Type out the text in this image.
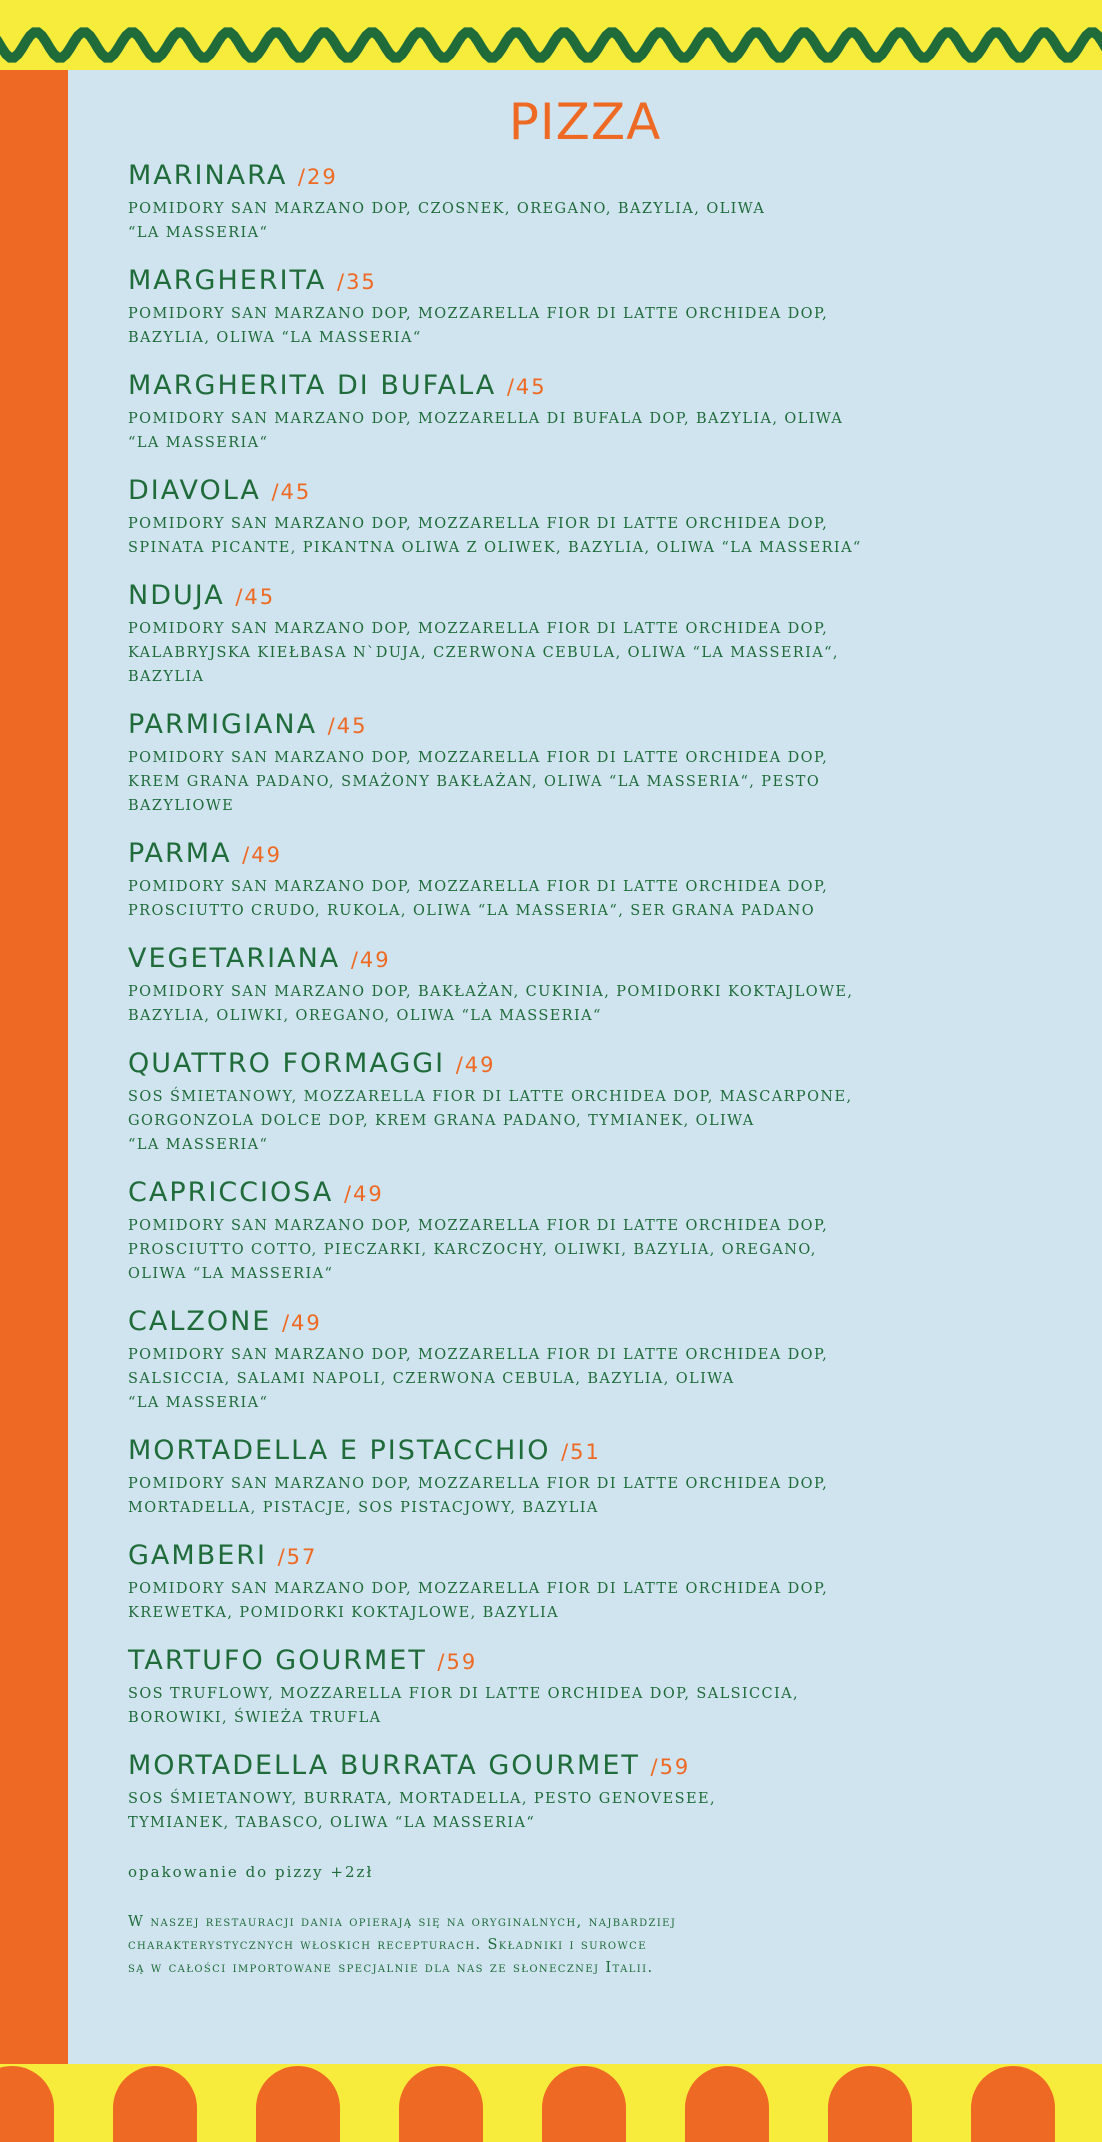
PIZZA
MARINARA /29
POMIDORY SAN MARZANO DOP, CZOSNEK, OREGANO, BAZYLIA, OLIWA
“LA MASSERIA“
MARGHERITA /35
POMIDORY SAN MARZANO DOP, MOZZARELLA FIOR DI LATTE ORCHIDEA DOP,
BAZYLIA, OLIWA “LA MASSERIA“
MARGHERITA DI BUFALA /45
POMIDORY SAN MARZANO DOP, MOZZARELLA DI BUFALA DOP, BAZYLIA, OLIWA
“LA MASSERIA“
DIAVOLA /45
POMIDORY SAN MARZANO DOP, MOZZARELLA FIOR DI LATTE ORCHIDEA DOP,
SPINATA PICANTE, PIKANTNA OLIWA Z OLIWEK, BAZYLIA, OLIWA “LA MASSERIA“
NDUJA /45
POMIDORY SAN MARZANO DOP, MOZZARELLA FIOR DI LATTE ORCHIDEA DOP,
KALABRYJSKA KIEŁBASA N`DUJA, CZERWONA CEBULA, OLIWA “LA MASSERIA“,
BAZYLIA
PARMIGIANA /45
POMIDORY SAN MARZANO DOP, MOZZARELLA FIOR DI LATTE ORCHIDEA DOP,
KREM GRANA PADANO, SMAŻONY BAKŁAŻAN, OLIWA “LA MASSERIA“, PESTO
BAZYLIOWE
PARMA /49
POMIDORY SAN MARZANO DOP, MOZZARELLA FIOR DI LATTE ORCHIDEA DOP,
PROSCIUTTO CRUDO, RUKOLA, OLIWA “LA MASSERIA“, SER GRANA PADANO
VEGETARIANA /49
POMIDORY SAN MARZANO DOP, BAKŁAŻAN, CUKINIA, POMIDORKI KOKTAJLOWE,
BAZYLIA, OLIWKI, OREGANO, OLIWA “LA MASSERIA“
QUATTRO FORMAGGI /49
SOS ŚMIETANOWY, MOZZARELLA FIOR DI LATTE ORCHIDEA DOP, MASCARPONE,
GORGONZOLA DOLCE DOP, KREM GRANA PADANO, TYMIANEK, OLIWA
“LA MASSERIA“
CAPRICCIOSA /49
POMIDORY SAN MARZANO DOP, MOZZARELLA FIOR DI LATTE ORCHIDEA DOP,
PROSCIUTTO COTTO, PIECZARKI, KARCZOCHY, OLIWKI, BAZYLIA, OREGANO,
OLIWA “LA MASSERIA“
CALZONE /49
POMIDORY SAN MARZANO DOP, MOZZARELLA FIOR DI LATTE ORCHIDEA DOP,
SALSICCIA, SALAMI NAPOLI, CZERWONA CEBULA, BAZYLIA, OLIWA
“LA MASSERIA“
MORTADELLA E PISTACCHIO /51
POMIDORY SAN MARZANO DOP, MOZZARELLA FIOR DI LATTE ORCHIDEA DOP,
MORTADELLA, PISTACJE, SOS PISTACJOWY, BAZYLIA
GAMBERI /57
POMIDORY SAN MARZANO DOP, MOZZARELLA FIOR DI LATTE ORCHIDEA DOP,
KREWETKA, POMIDORKI KOKTAJLOWE, BAZYLIA
TARTUFO GOURMET /59
SOS TRUFLOWY, MOZZARELLA FIOR DI LATTE ORCHIDEA DOP, SALSICCIA,
BOROWIKI, ŚWIEŻA TRUFLA
MORTADELLA BURRATA GOURMET /59
SOS ŚMIETANOWY, BURRATA, MORTADELLA, PESTO GENOVESEE,
TYMIANEK, TABASCO, OLIWA “LA MASSERIA“
opakowanie do pizzy +2zł
W naszej restauracji dania opierają się na oryginalnych, najbardziej
charakterystycznych włoskich recepturach. Składniki i surowce
są w całości importowane specjalnie dla nas ze słonecznej Italii.
